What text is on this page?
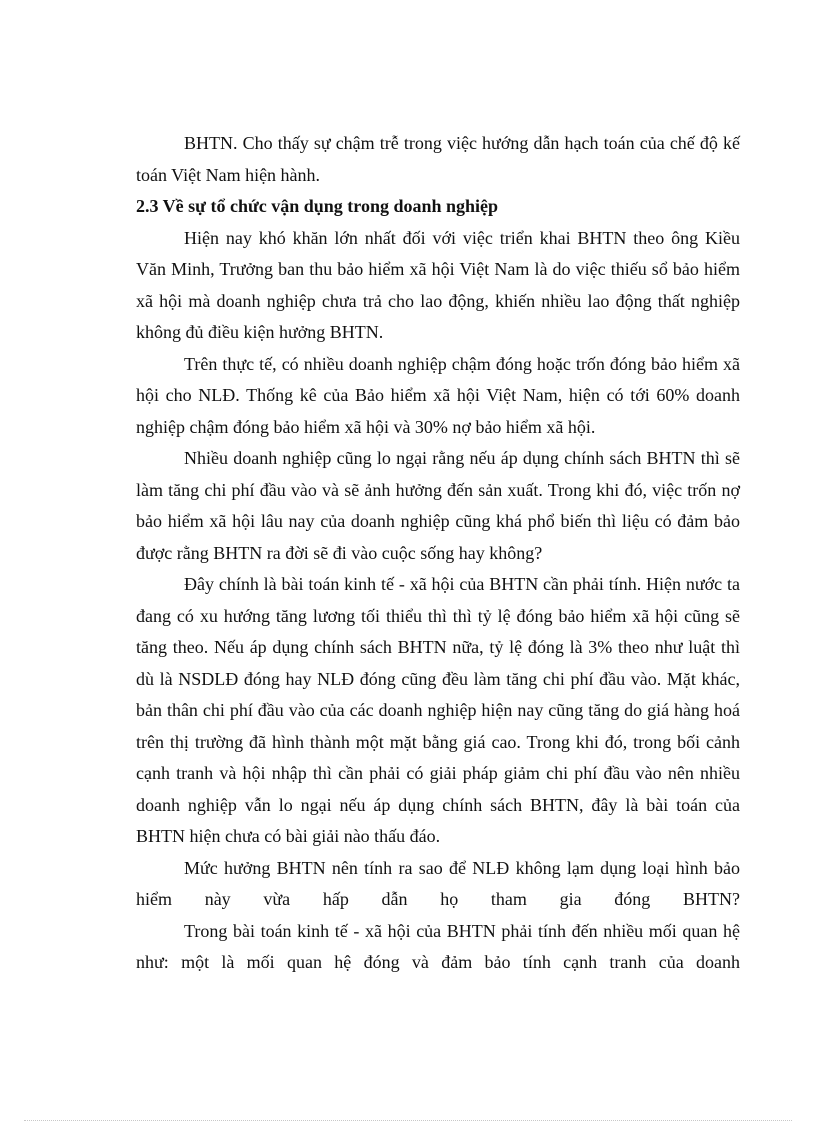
BHTN. Cho thấy sự chậm trễ trong việc hướng dẫn hạch toán của chế độ kế toán Việt Nam hiện hành.

2.3 Về sự tổ chức vận dụng trong doanh nghiệp

Hiện nay khó khăn lớn nhất đối với việc triển khai BHTN theo ông Kiều Văn Minh, Trưởng ban thu bảo hiểm xã hội Việt Nam là do việc thiếu sổ bảo hiểm xã hội mà doanh nghiệp chưa trả cho lao động, khiến nhiều lao động thất nghiệp không đủ điều kiện hưởng BHTN.

Trên thực tế, có nhiều doanh nghiệp chậm đóng hoặc trốn đóng bảo hiểm xã hội cho NLĐ. Thống kê của Bảo hiểm xã hội Việt Nam, hiện có tới 60% doanh nghiệp chậm đóng bảo hiểm xã hội và 30% nợ bảo hiểm xã hội.

Nhiều doanh nghiệp cũng lo ngại rằng nếu áp dụng chính sách BHTN thì sẽ làm tăng chi phí đầu vào và sẽ ảnh hưởng đến sản xuất. Trong khi đó, việc trốn nợ bảo hiểm xã hội lâu nay của doanh nghiệp cũng khá phổ biến thì liệu có đảm bảo được rằng BHTN ra đời sẽ đi vào cuộc sống hay không?

Đây chính là bài toán kinh tế - xã hội của BHTN cần phải tính. Hiện nước ta đang có xu hướng tăng lương tối thiểu thì thì tỷ lệ đóng bảo hiểm xã hội cũng sẽ tăng theo. Nếu áp dụng chính sách BHTN nữa, tỷ lệ đóng là 3% theo như luật thì dù là NSDLĐ đóng hay NLĐ đóng cũng đều làm tăng chi phí đầu vào. Mặt khác, bản thân chi phí đầu vào của các doanh nghiệp hiện nay cũng tăng do giá hàng hoá trên thị trường đã hình thành một mặt bằng giá cao. Trong khi đó, trong bối cảnh cạnh tranh và hội nhập thì cần phải có giải pháp giảm chi phí đầu vào nên nhiều doanh nghiệp vẫn lo ngại nếu áp dụng chính sách BHTN, đây là bài toán của BHTN hiện chưa có bài giải nào thấu đáo.

Mức hưởng BHTN nên tính ra sao để NLĐ không lạm dụng loại hình bảo hiểm này vừa hấp dẫn họ tham gia đóng BHTN?

Trong bài toán kinh tế - xã hội của BHTN phải tính đến nhiều mối quan hệ như: một là mối quan hệ đóng và đảm bảo tính cạnh tranh của doanh
